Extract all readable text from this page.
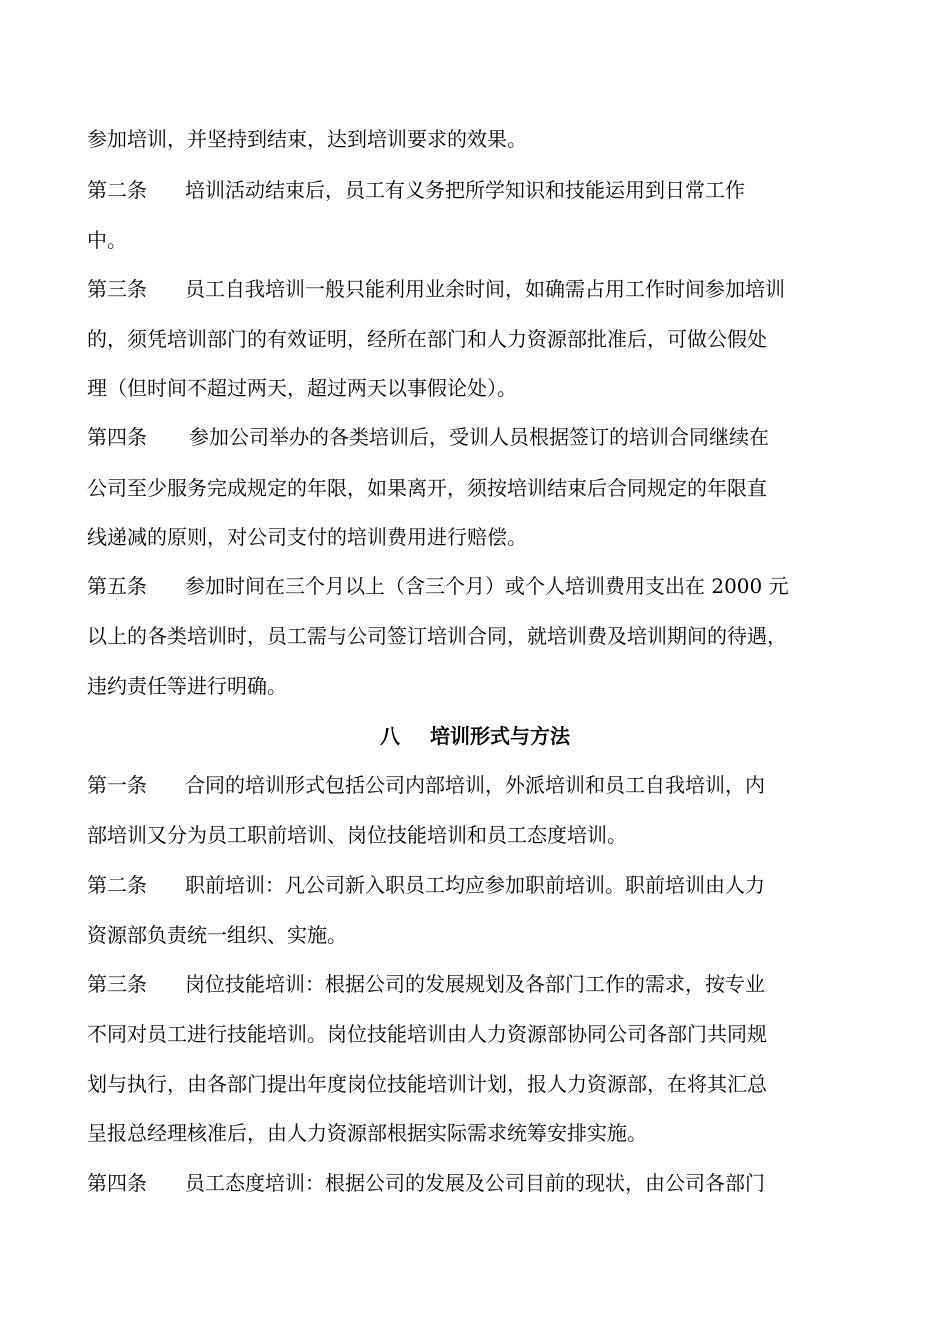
参加培训，并坚持到结束，达到培训要求的效果。
第二条 培训活动结束后，员工有义务把所学知识和技能运用到日常工作
中。
第三条 员工自我培训一般只能利用业余时间，如确需占用工作时间参加培训
的，须凭培训部门的有效证明，经所在部门和人力资源部批准后，可做公假处
理（但时间不超过两天，超过两天以事假论处）。
第四条 参加公司举办的各类培训后，受训人员根据签订的培训合同继续在
公司至少服务完成规定的年限，如果离开，须按培训结束后合同规定的年限直
线递减的原则，对公司支付的培训费用进行赔偿。
第五条 参加时间在三个月以上（含三个月）或个人培训费用支出在 2000 元
以上的各类培训时，员工需与公司签订培训合同，就培训费及培训期间的待遇，
违约责任等进行明确。
八 培训形式与方法
第一条 合同的培训形式包括公司内部培训，外派培训和员工自我培训，内
部培训又分为员工职前培训、岗位技能培训和员工态度培训。
第二条 职前培训：凡公司新入职员工均应参加职前培训。职前培训由人力
资源部负责统一组织、实施。
第三条 岗位技能培训：根据公司的发展规划及各部门工作的需求，按专业
不同对员工进行技能培训。岗位技能培训由人力资源部协同公司各部门共同规
划与执行，由各部门提出年度岗位技能培训计划，报人力资源部，在将其汇总
呈报总经理核准后，由人力资源部根据实际需求统筹安排实施。
第四条 员工态度培训：根据公司的发展及公司目前的现状，由公司各部门
